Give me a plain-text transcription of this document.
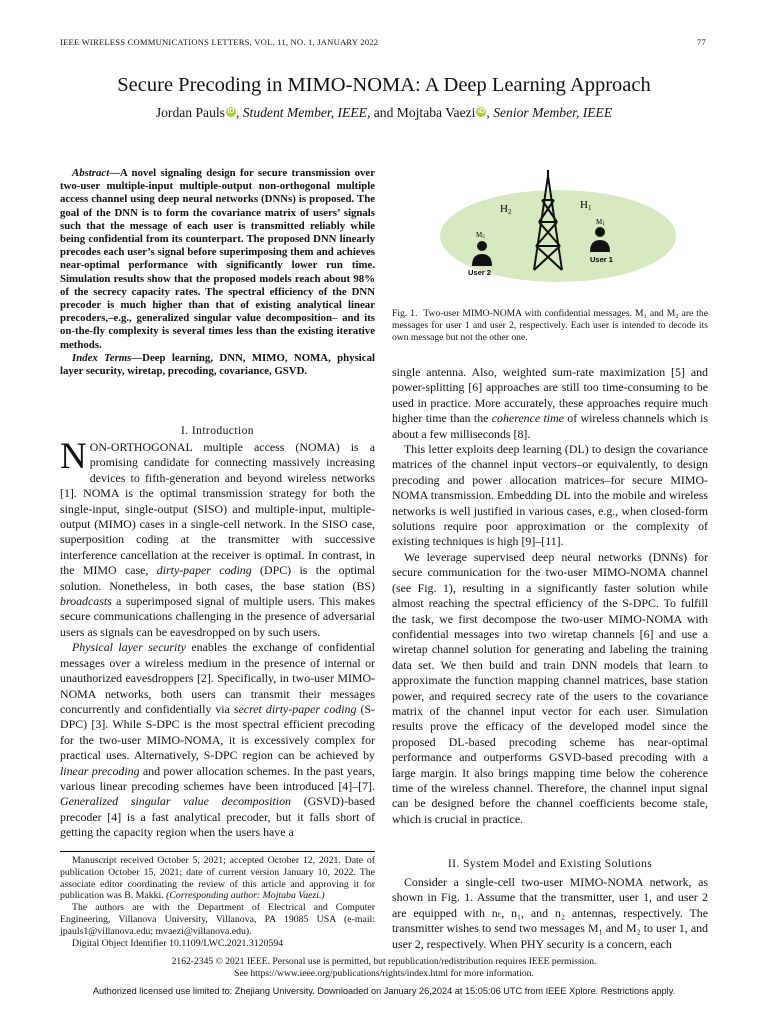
IEEE WIRELESS COMMUNICATIONS LETTERS, VOL. 11, NO. 1, JANUARY 2022	77
Secure Precoding in MIMO-NOMA: A Deep Learning Approach
Jordan Pauls iD , Student Member, IEEE, and Mojtaba Vaezi iD , Senior Member, IEEE
Abstract—A novel signaling design for secure transmission over two-user multiple-input multiple-output non-orthogonal multiple access channel using deep neural networks (DNNs) is proposed. The goal of the DNN is to form the covariance matrix of users’ signals such that the message of each user is transmitted reliably while being confidential from its counterpart. The proposed DNN linearly precodes each user’s signal before superimposing them and achieves near-optimal performance with significantly lower run time. Simulation results show that the proposed models reach about 98% of the secrecy capacity rates. The spectral efficiency of the DNN precoder is much higher than that of existing analytical linear precoders,–e.g., generalized singular value decomposition– and its on-the-fly complexity is several times less than the existing iterative methods.
Index Terms—Deep learning, DNN, MIMO, NOMA, physical layer security, wiretap, precoding, covariance, GSVD.
I. Introduction

NON-ORTHOGONAL multiple access (NOMA) is a promising candidate for connecting massively increasing devices to fifth-generation and beyond wireless networks [1]. NOMA is the optimal transmission strategy for both the single-input, single-output (SISO) and multiple-input, multiple-output (MIMO) cases in a single-cell network. In the SISO case, superposition coding at the transmitter with successive interference cancellation at the receiver is optimal. In contrast, in the MIMO case, dirty-paper coding (DPC) is the optimal solution. Nonetheless, in both cases, the base station (BS) broadcasts a superimposed signal of multiple users. This makes secure communications challenging in the presence of adversarial users as signals can be eavesdropped on by such users.

Physical layer security enables the exchange of confidential messages over a wireless medium in the presence of internal or unauthorized eavesdroppers [2]. Specifically, in two-user MIMO-NOMA networks, both users can transmit their messages concurrently and confidentially via secret dirty-paper coding (S-DPC) [3]. While S-DPC is the most spectral efficient precoding for the two-user MIMO-NOMA, it is excessively complex for practical uses. Alternatively, S-DPC region can be achieved by linear precoding and power allocation schemes. In the past years, various linear precoding schemes have been introduced [4]–[7]. Generalized singular value decomposition (GSVD)-based precoder [4] is a fast analytical precoder, but it falls short of getting the capacity region when the users have a

Manuscript received October 5, 2021; accepted October 12, 2021. Date of publication October 15, 2021; date of current version January 10, 2022. The associate editor coordinating the review of this article and approving it for publication was B. Makki. (Corresponding author: Mojtaba Vaezi.)

The authors are with the Department of Electrical and Computer Engineering, Villanova University, Villanova, PA 19085 USA (e-mail: jpauls1@villanova.edu; mvaezi@villanova.edu).

Digital Object Identifier 10.1109/LWC.2021.3120594

H2
H1
M2
M1
User 2
User 1
Fig. 1. Two-user MIMO-NOMA with confidential messages. M₁ and M₂ are the messages for user 1 and user 2, respectively. Each user is intended to decode its own message but not the other one.

single antenna. Also, weighted sum-rate maximization [5] and power-splitting [6] approaches are still too time-consuming to be used in practice. More accurately, these approaches require much higher time than the coherence time of wireless channels which is about a few milliseconds [8].

This letter exploits deep learning (DL) to design the covariance matrices of the channel input vectors–or equivalently, to design precoding and power allocation matrices–for secure MIMO-NOMA transmission. Embedding DL into the mobile and wireless networks is well justified in various cases, e.g., when closed-form solutions require poor approximation or the complexity of existing techniques is high [9]–[11].

We leverage supervised deep neural networks (DNNs) for secure communication for the two-user MIMO-NOMA channel (see Fig. 1), resulting in a significantly faster solution while almost reaching the spectral efficiency of the S-DPC. To fulfill the task, we first decompose the two-user MIMO-NOMA with confidential messages into two wiretap channels [6] and use a wiretap channel solution for generating and labeling the training data set. We then build and train DNN models that learn to approximate the function mapping channel matrices, base station power, and required secrecy rate of the users to the covariance matrix of the channel input vector for each user. Simulation results prove the efficacy of the developed model since the proposed DL-based precoding scheme has near-optimal performance and outperforms GSVD-based precoding with a large margin. It also brings mapping time below the coherence time of the wireless channel. Therefore, the channel input signal can be designed before the channel coefficients become stale, which is crucial in practice.

II. System Model and Existing Solutions

Consider a single-cell two-user MIMO-NOMA network, as shown in Fig. 1. Assume that the transmitter, user 1, and user 2 are equipped with nₜ, n₁, and n₂ antennas, respectively. The transmitter wishes to send two messages M₁ and M₂ to user 1, and user 2, respectively. When PHY security is a concern, each

2162-2345 © 2021 IEEE. Personal use is permitted, but republication/redistribution requires IEEE permission.
See https://www.ieee.org/publications/rights/index.html for more information.
Authorized licensed use limited to: Zhejiang University. Downloaded on January 26,2024 at 15:05:06 UTC from IEEE Xplore. Restrictions apply.
